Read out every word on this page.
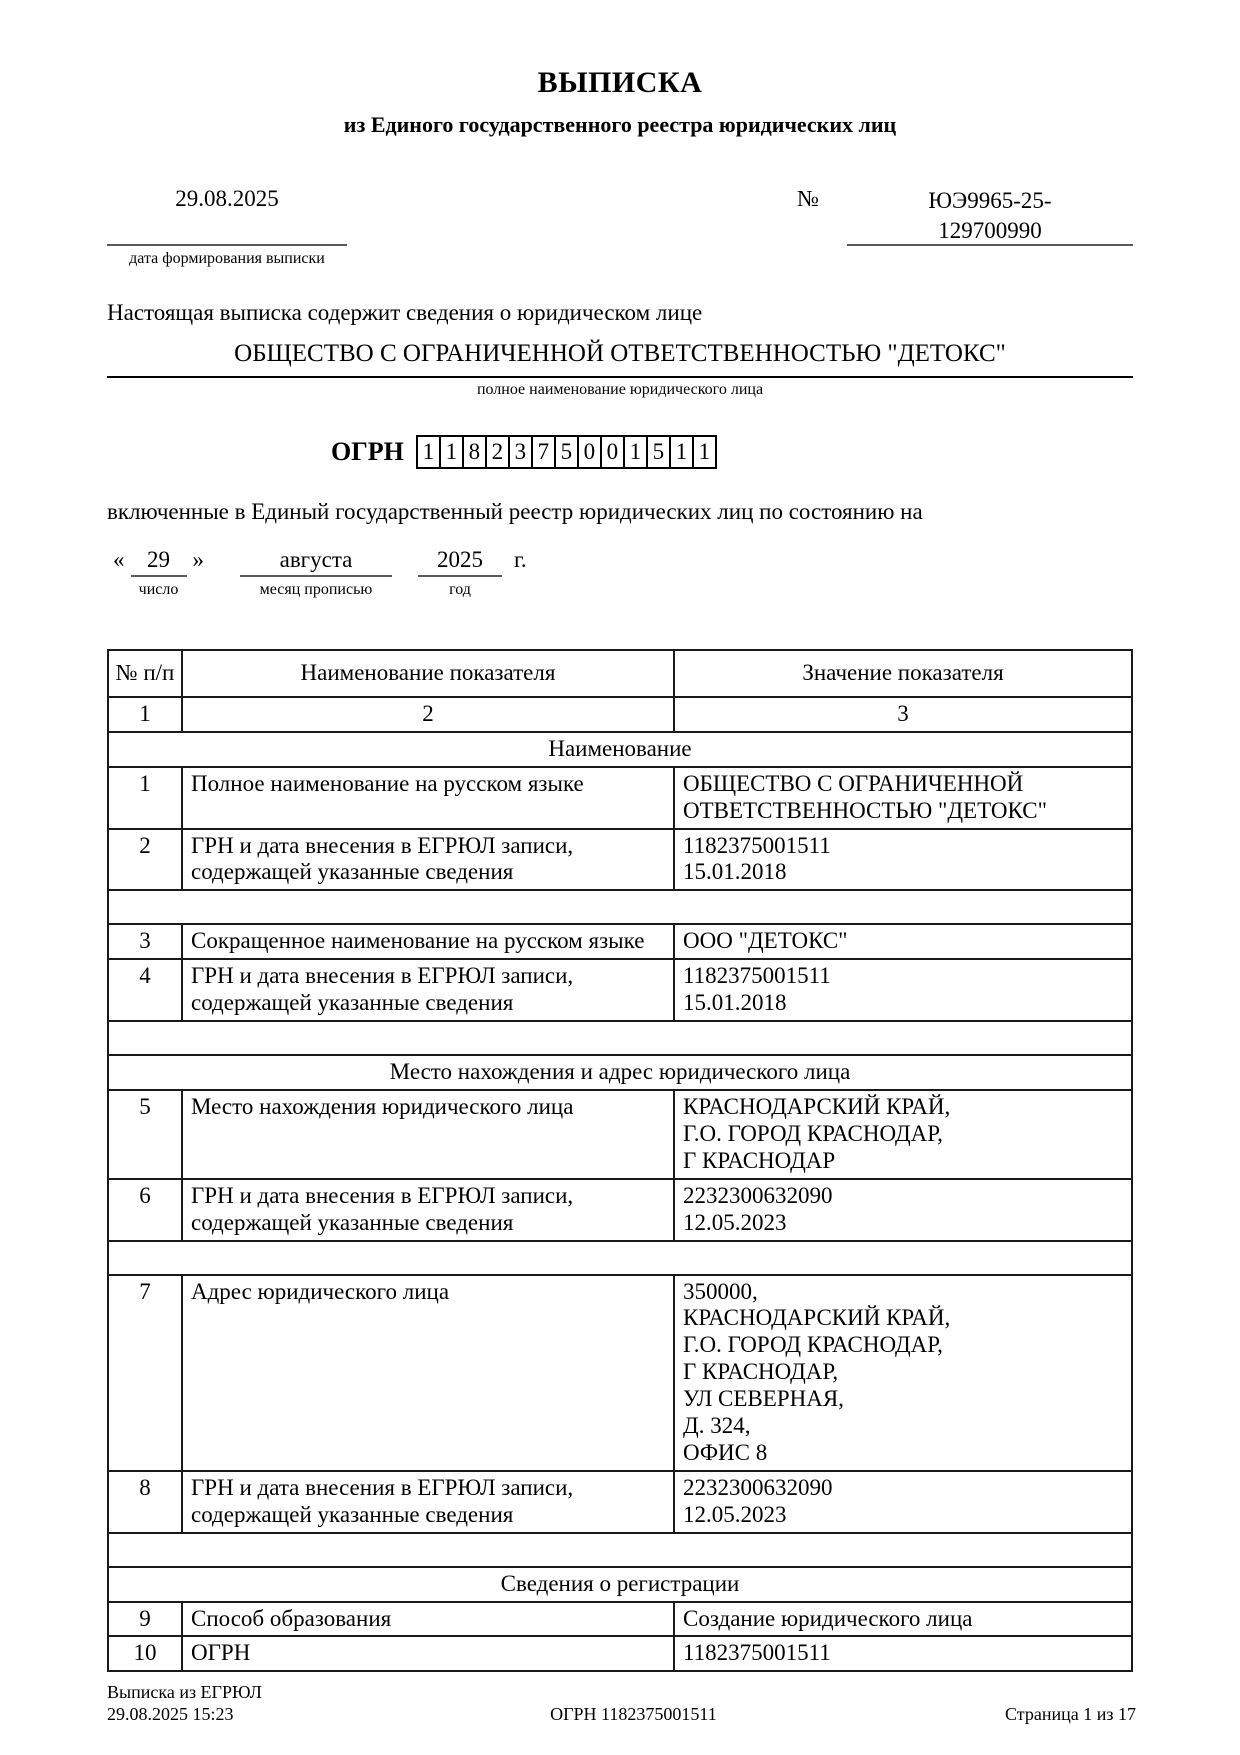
ВЫПИСКА
из Единого государственного реестра юридических лиц
29.08.2025
дата формирования выписки
№	ЮЭ9965-25-
129700990
Настоящая выписка содержит сведения о юридическом лице
ОБЩЕСТВО С ОГРАНИЧЕННОЙ ОТВЕТСТВЕННОСТЬЮ "ДЕТОКС"
полное наименование юридического лица
ОГРН 1 1 8 2 3 7 5 0 0 1 5 1 1
включенные в Единый государственный реестр юридических лиц по состоянию на
« 29
число
»	августа
месяц прописью
2025
год
г.
№ п/п	Наименование показателя	Значение показателя
1	2	3
Наименование		
1	Полное наименование на русском языке	ОБЩЕСТВО С ОГРАНИЧЕННОЙ ОТВЕТСТВЕННОСТЬЮ "ДЕТОКС"

2	ГРН и дата внесения в ЕГРЮЛ записи, содержащей указанные сведения	1182375001511
15.01.2018

3	Сокращенное наименование на русском языке	ООО "ДЕТОКС"

4	ГРН и дата внесения в ЕГРЮЛ записи, содержащей указанные сведения	1182375001511
15.01.2018

Место нахождения и адрес юридического лица		
5	Место нахождения юридического лица	КРАСНОДАРСКИЙ КРАЙ,
Г.О. ГОРОД КРАСНОДАР,
Г КРАСНОДАР

6	ГРН и дата внесения в ЕГРЮЛ записи, содержащей указанные сведения	2232300632090
12.05.2023

7	Адрес юридического лица	350000,
КРАСНОДАРСКИЙ КРАЙ,
Г.О. ГОРОД КРАСНОДАР,
Г КРАСНОДАР,
УЛ СЕВЕРНАЯ,
Д. 324,
ОФИС 8

8	ГРН и дата внесения в ЕГРЮЛ записи, содержащей указанные сведения	2232300632090
12.05.2023

Сведения о регистрации		
9	Способ образования	Создание юридического лица

10	ОГРН	1182375001511
Выписка из ЕГРЮЛ
29.08.2025 15:23	ОГРН 1182375001511	Страница 1 из 17
